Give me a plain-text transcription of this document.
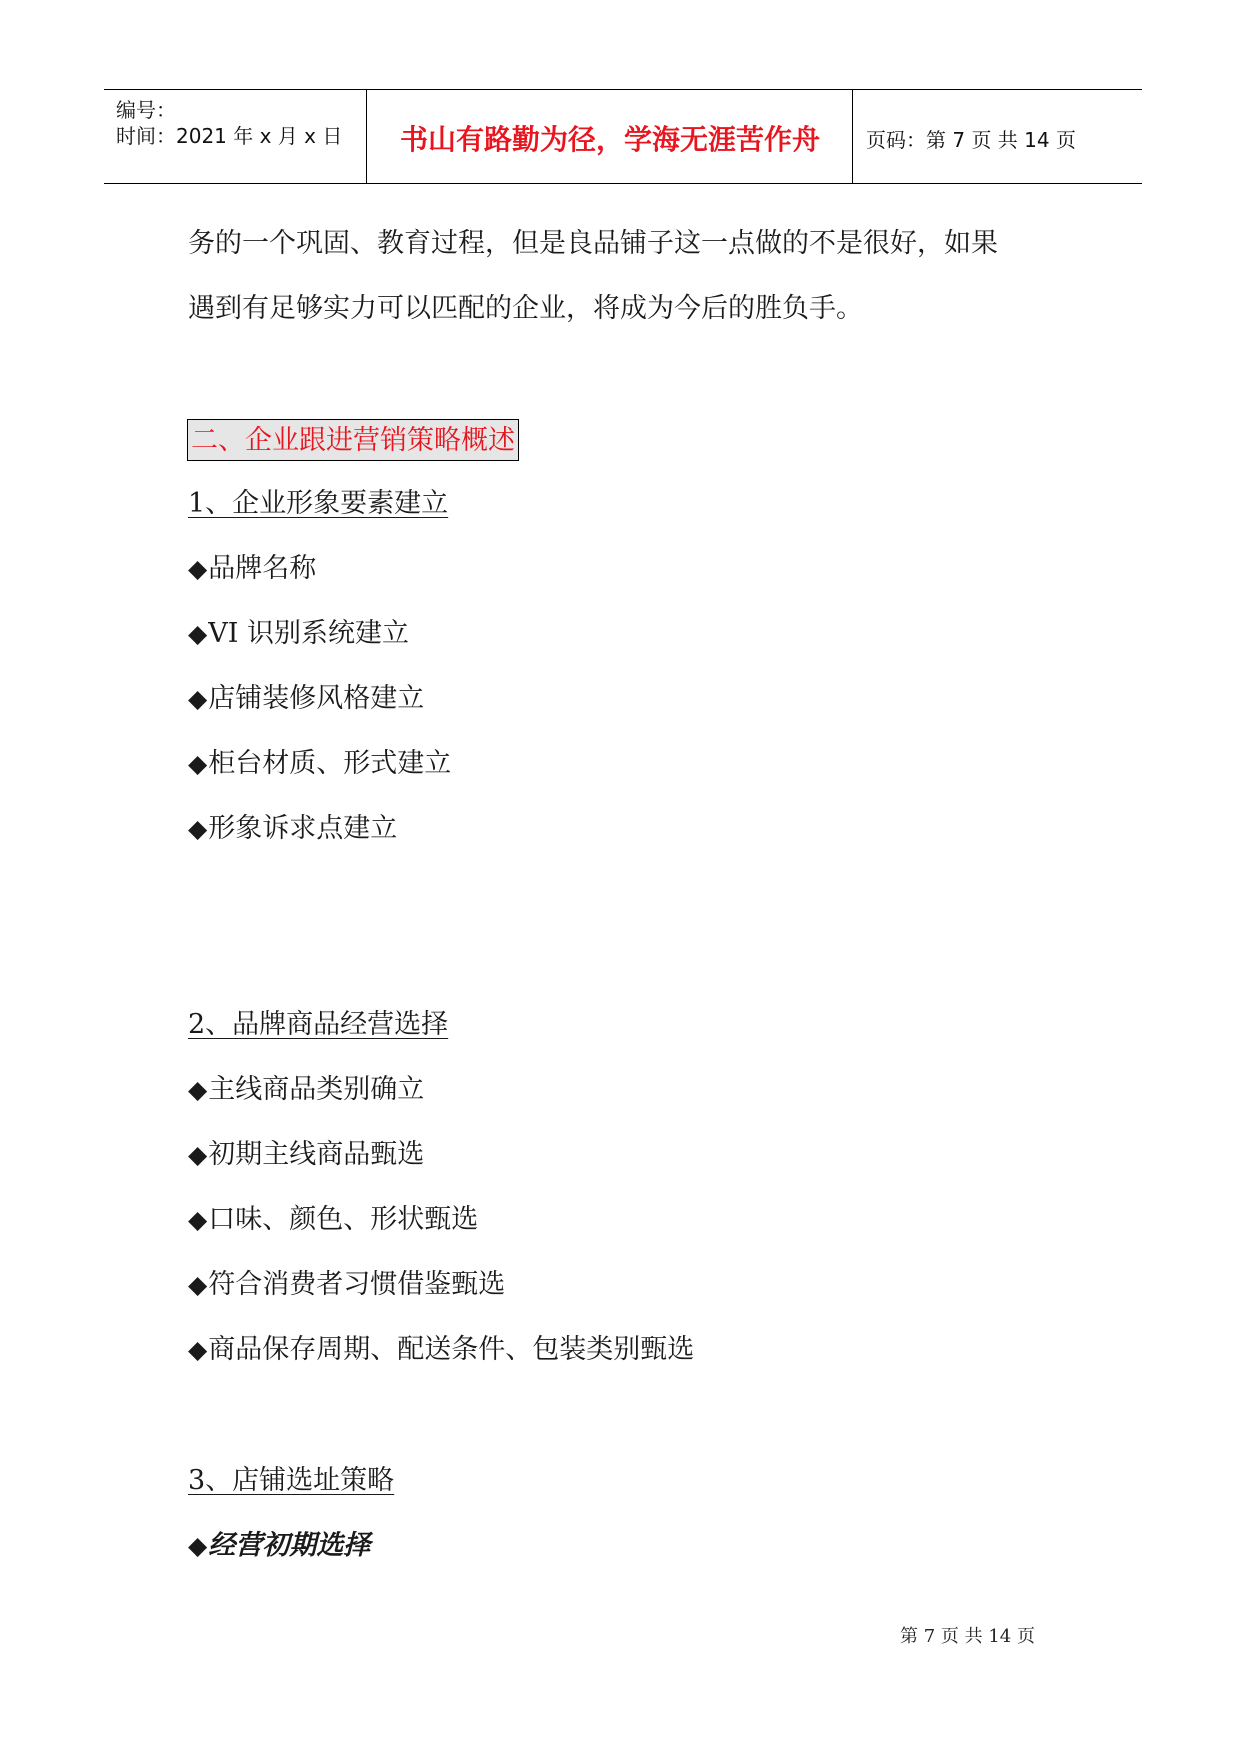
编号：
时间：2021 年 x 月 x 日	书山有路勤为径，学海无涯苦作舟	页码：第 7 页 共 14 页
务的一个巩固、教育过程，但是良品铺子这一点做的不是很好，如果
遇到有足够实力可以匹配的企业，将成为今后的胜负手。
二、企业跟进营销策略概述
1、企业形象要素建立
◆品牌名称
◆VI 识别系统建立
◆店铺装修风格建立
◆柜台材质、形式建立
◆形象诉求点建立
2、品牌商品经营选择
◆主线商品类别确立
◆初期主线商品甄选
◆口味、颜色、形状甄选
◆符合消费者习惯借鉴甄选
◆商品保存周期、配送条件、包装类别甄选
3、店铺选址策略
◆经营初期选择
第 7 页 共 14 页
